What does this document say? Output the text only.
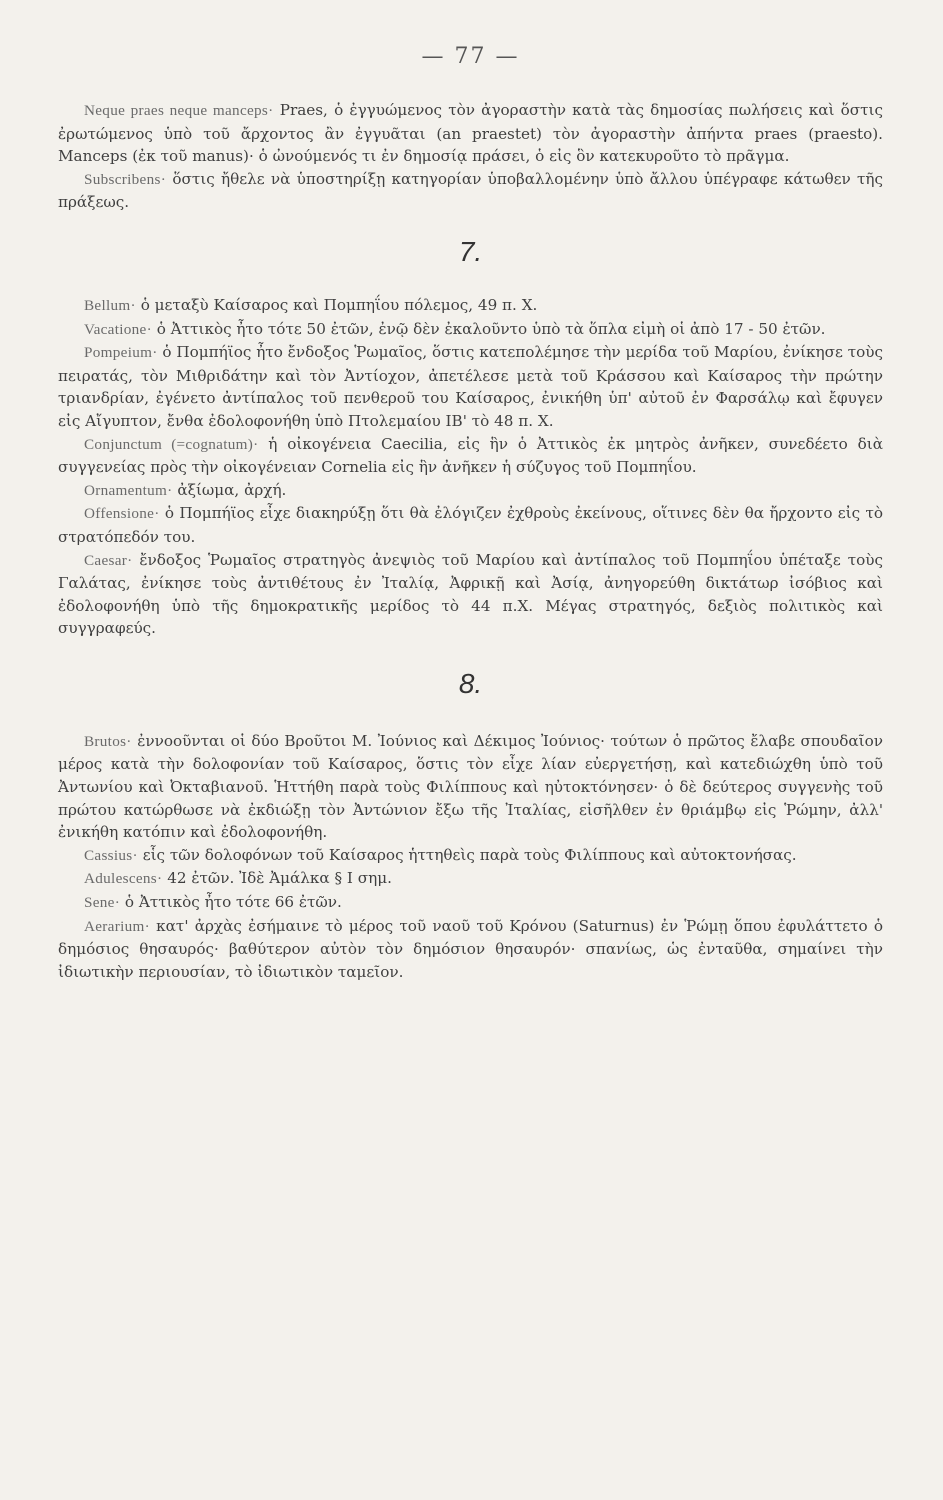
— 77 —

Neque praes neque manceps· Praes, ὁ ἐγγυώμενος τὸν ἀγοραστὴν κατὰ τὰς δημοσίας πωλήσεις καὶ ὅστις ἐρωτώμενος ὑπὸ τοῦ ἄρχοντος ἂν ἐγγυᾶται (an praestet) τὸν ἀγοραστὴν ἀπήντα praes (praesto). Manceps (ἐκ τοῦ manus)· ὁ ὠνούμενός τι ἐν δημοσίᾳ πράσει, ὁ εἰς ὃν κατεκυροῦτο τὸ πρᾶγμα.

Subscribens· ὅστις ἤθελε νὰ ὑποστηρίξῃ κατηγορίαν ὑποβαλλομένην ὑπὸ ἄλλου ὑπέγραφε κάτωθεν τῆς πράξεως.

7.

Bellum· ὁ μεταξὺ Καίσαρος καὶ Πομπηΐου πόλεμος, 49 π. Χ.

Vacatione· ὁ Ἀττικὸς ἦτο τότε 50 ἐτῶν, ἐνῷ δὲν ἐκαλοῦντο ὑπὸ τὰ ὅπλα εἰμὴ οἱ ἀπὸ 17 - 50 ἐτῶν.

Pompeium· ὁ Πομπήϊος ἦτο ἔνδοξος Ῥωμαῖος, ὅστις κατεπολέμησε τὴν μερίδα τοῦ Μαρίου, ἐνίκησε τοὺς πειρατάς, τὸν Μιθριδάτην καὶ τὸν Ἀντίοχον, ἀπετέλεσε μετὰ τοῦ Κράσσου καὶ Καίσαρος τὴν πρώτην τριανδρίαν, ἐγένετο ἀντίπαλος τοῦ πενθεροῦ του Καίσαρος, ἐνικήθη ὑπ' αὐτοῦ ἐν Φαρσάλῳ καὶ ἔφυγεν εἰς Αἴγυπτον, ἔνθα ἐδολοφονήθη ὑπὸ Πτολεμαίου ΙΒ' τὸ 48 π. Χ.

Conjunctum (=cognatum)· ἡ οἰκογένεια Caecilia, εἰς ἣν ὁ Ἀττικὸς ἐκ μητρὸς ἀνῆκεν, συνεδέετο διὰ συγγενείας πρὸς τὴν οἰκογένειαν Cornelia εἰς ἣν ἀνῆκεν ἡ σύζυγος τοῦ Πομπηΐου.

Ornamentum· ἀξίωμα, ἀρχή.

Offensione· ὁ Πομπήϊος εἶχε διακηρύξῃ ὅτι θὰ ἐλόγιζεν ἐχθροὺς ἐκείνους, οἵτινες δὲν θα ἤρχοντο εἰς τὸ στρατόπεδόν του.

Caesar· ἔνδοξος Ῥωμαῖος στρατηγὸς ἀνεψιὸς τοῦ Μαρίου καὶ ἀντίπαλος τοῦ Πομπηΐου ὑπέταξε τοὺς Γαλάτας, ἐνίκησε τοὺς ἀντιθέτους ἐν Ἰταλίᾳ, Ἀφρικῇ καὶ Ἀσίᾳ, ἀνηγορεύθη δικτάτωρ ἰσόβιος καὶ ἐδολοφονήθη ὑπὸ τῆς δημοκρατικῆς μερίδος τὸ 44 π.Χ. Μέγας στρατηγός, δεξιὸς πολιτικὸς καὶ συγγραφεύς.

8.

Brutos· ἐννοοῦνται οἱ δύο Βροῦτοι Μ. Ἰούνιος καὶ Δέκιμος Ἰούνιος· τούτων ὁ πρῶτος ἔλαβε σπουδαῖον μέρος κατὰ τὴν δολοφονίαν τοῦ Καίσαρος, ὅστις τὸν εἶχε λίαν εὐεργετήσῃ, καὶ κατεδιώχθη ὑπὸ τοῦ Ἀντωνίου καὶ Ὀκταβιανοῦ. Ἡττήθη παρὰ τοὺς Φιλίππους καὶ ηὐτοκτόνησεν· ὁ δὲ δεύτερος συγγενὴς τοῦ πρώτου κατώρθωσε νὰ ἐκδιώξῃ τὸν Ἀντώνιον ἔξω τῆς Ἰταλίας, εἰσῆλθεν ἐν θριάμβῳ εἰς Ῥώμην, ἀλλ' ἐνικήθη κατόπιν καὶ ἐδολοφονήθη.

Cassius· εἷς τῶν δολοφόνων τοῦ Καίσαρος ἡττηθεὶς παρὰ τοὺς Φιλίππους καὶ αὐτοκτονήσας.

Adulescens· 42 ἐτῶν. Ἰδὲ Ἀμάλκα § I σημ.

Sene· ὁ Ἀττικὸς ἦτο τότε 66 ἐτῶν.

Aerarium· κατ' ἀρχὰς ἐσήμαινε τὸ μέρος τοῦ ναοῦ τοῦ Κρόνου (Saturnus) ἐν Ῥώμῃ ὅπου ἐφυλάττετο ὁ δημόσιος θησαυρός· βαθύτερον αὐτὸν τὸν δημόσιον θησαυρόν· σπανίως, ὡς ἐνταῦθα, σημαίνει τὴν ἰδιωτικὴν περιουσίαν, τὸ ἰδιωτικὸν ταμεῖον.
